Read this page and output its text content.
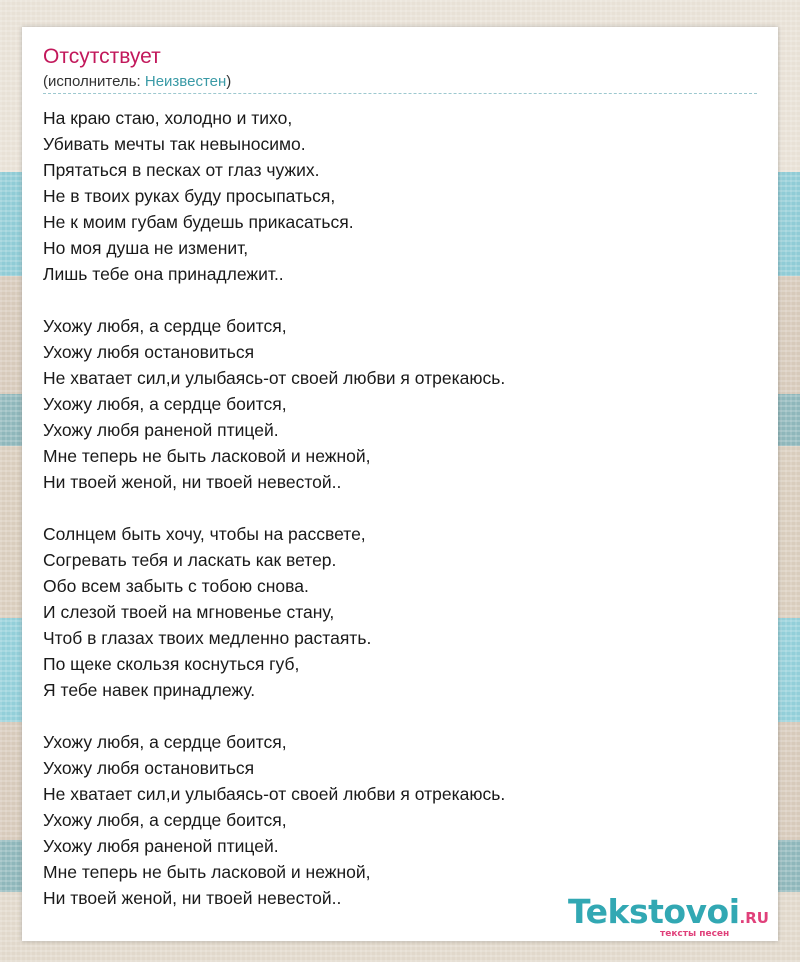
Отсутствует
(исполнитель: Неизвестен)
На краю стаю, холодно и тихо,
Убивать мечты так невыносимо.
Прятаться в песках от глаз чужих.
Не в твоих руках буду просыпаться,
Не к моим губам будешь прикасаться.
Но моя душа не изменит,
Лишь тебе она принадлежит..
Ухожу любя, а сердце боится,
Ухожу любя остановиться
Не хватает сил,и улыбаясь-от своей любви я отрекаюсь.
Ухожу любя, а сердце боится,
Ухожу любя раненой птицей.
Мне теперь не быть ласковой и нежной,
Ни твоей женой, ни твоей невестой..
Солнцем быть хочу, чтобы на рассвете,
Согревать тебя и ласкать как ветер.
Обо всем забыть с тобою снова.
И слезой твоей на мгновенье стану,
Чтоб в глазах твоих медленно растаять.
По щеке скользя коснуться губ,
Я тебе навек принадлежу.
Ухожу любя, а сердце боится,
Ухожу любя остановиться
Не хватает сил,и улыбаясь-от своей любви я отрекаюсь.
Ухожу любя, а сердце боится,
Ухожу любя раненой птицей.
Мне теперь не быть ласковой и нежной,
Ни твоей женой, ни твоей невестой..	Tekstovoi.RU
тексты песен
